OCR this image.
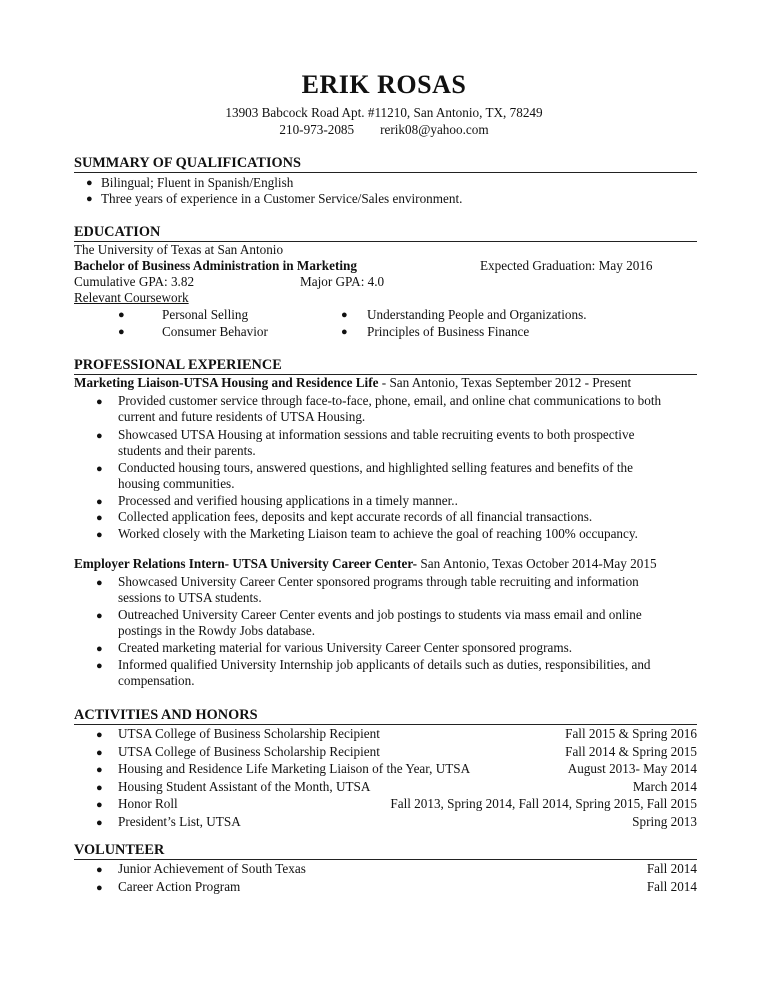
ERIK ROSAS
13903 Babcock Road Apt. #11210, San Antonio, TX, 78249
210-973-2085 rerik08@yahoo.com
SUMMARY OF QUALIFICATIONS
● Bilingual; Fluent in Spanish/English
● Three years of experience in a Customer Service/Sales environment.
EDUCATION
The University of Texas at San Antonio
Bachelor of Business Administration in Marketing	Expected Graduation: May 2016
Cumulative GPA: 3.82	Major GPA: 4.0
Relevant Coursework
●	Personal Selling	● Understanding People and Organizations.
●	Consumer Behavior	● Principles of Business Finance
PROFESSIONAL EXPERIENCE
Marketing Liaison-UTSA Housing and Residence Life - San Antonio, Texas September 2012 - Present
● Provided customer service through face-to-face, phone, email, and online chat communications to both
current and future residents of UTSA Housing.
● Showcased UTSA Housing at information sessions and table recruiting events to both prospective
students and their parents.
● Conducted housing tours, answered questions, and highlighted selling features and benefits of the
housing communities.
● Processed and verified housing applications in a timely manner..
● Collected application fees, deposits and kept accurate records of all financial transactions.
● Worked closely with the Marketing Liaison team to achieve the goal of reaching 100% occupancy.
Employer Relations Intern- UTSA University Career Center- San Antonio, Texas October 2014-May 2015
● Showcased University Career Center sponsored programs through table recruiting and information
sessions to UTSA students.
● Outreached University Career Center events and job postings to students via mass email and online
postings in the Rowdy Jobs database.
● Created marketing material for various University Career Center sponsored programs.
● Informed qualified University Internship job applicants of details such as duties, responsibilities, and
compensation.
ACTIVITIES AND HONORS
● UTSA College of Business Scholarship Recipient	Fall 2015 & Spring 2016
● UTSA College of Business Scholarship Recipient	Fall 2014 & Spring 2015
● Housing and Residence Life Marketing Liaison of the Year, UTSA	August 2013- May 2014
● Housing Student Assistant of the Month, UTSA	March 2014
● Honor Roll	Fall 2013, Spring 2014, Fall 2014, Spring 2015, Fall 2015
● President’s List, UTSA	Spring 2013
VOLUNTEER
● Junior Achievement of South Texas	Fall 2014
● Career Action Program	Fall 2014
